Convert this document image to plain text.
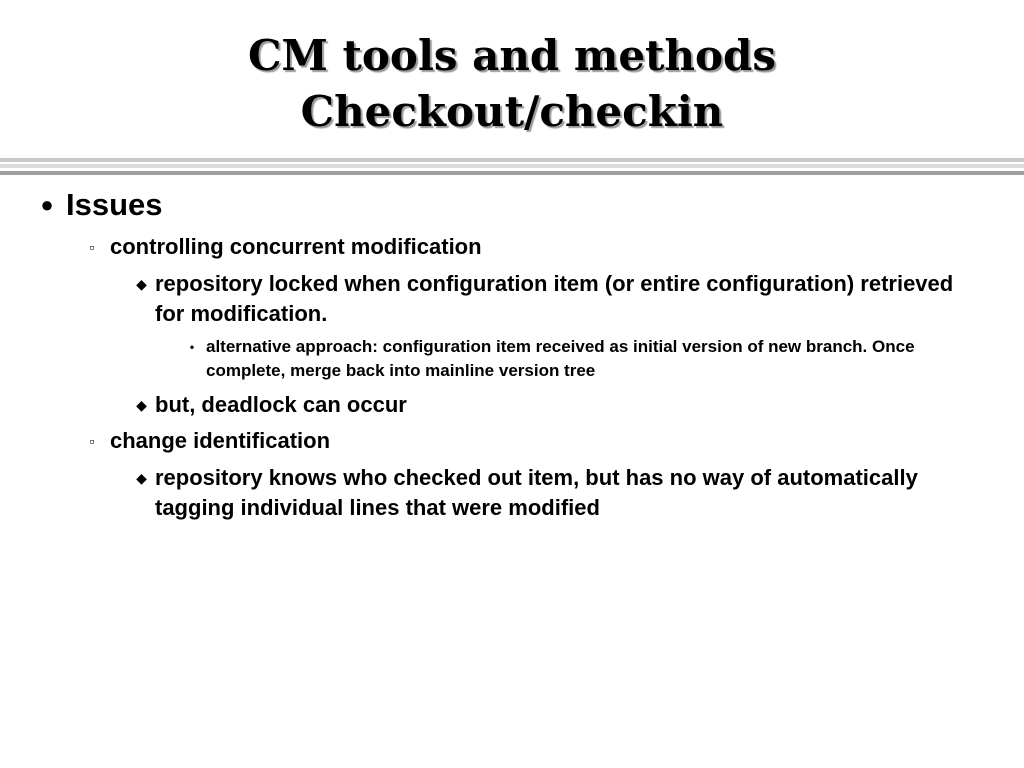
CM tools and methods
Checkout/checkin
● Issues
▫ controlling concurrent modification
◆ repository locked when configuration item (or entire configuration) retrieved for modification.
• alternative approach: configuration item received as initial version of new branch. Once complete, merge back into mainline version tree
◆ but, deadlock can occur
▫ change identification
◆ repository knows who checked out item, but has no way of automatically tagging individual lines that were modified
